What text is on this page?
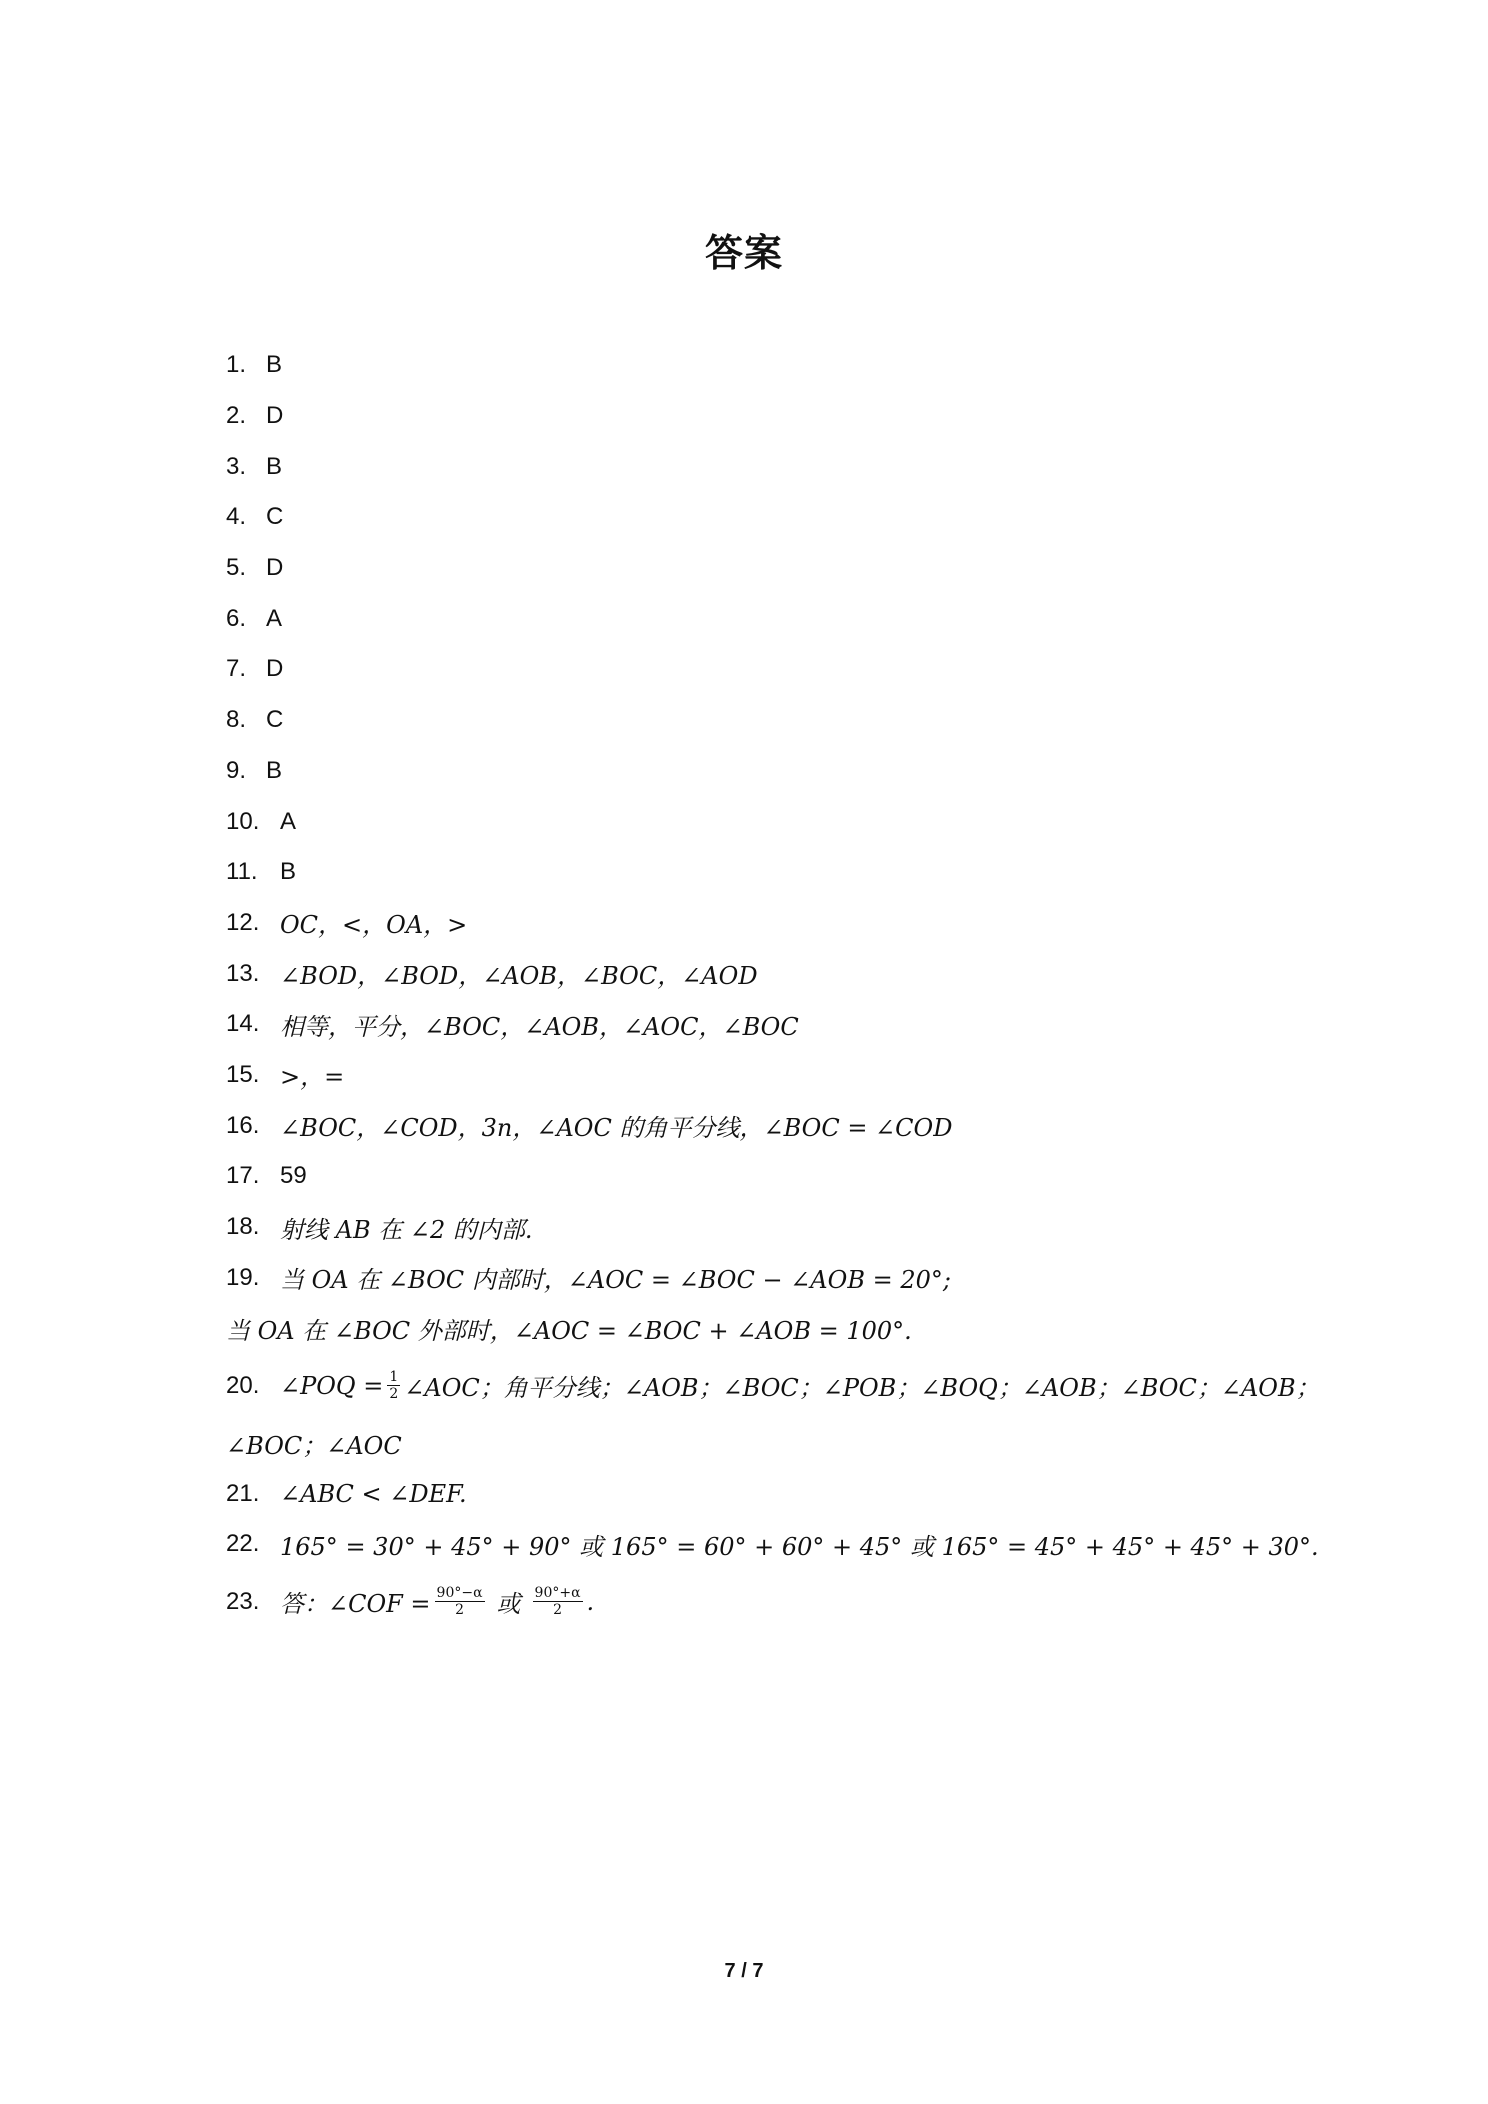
答案
1. B
2. D
3. B
4. C
5. D
6. A
7. D
8. C
9. B
10. A
11. B
12. OC，<，OA，>
13. ∠BOD，∠BOD，∠AOB，∠BOC，∠AOD
14. 相等，平分，∠BOC，∠AOB，∠AOC，∠BOC
15. >，=
16. ∠BOC，∠COD，3n，∠AOC 的角平分线，∠BOC = ∠COD
17. 59
18. 射线 AB 在 ∠2 的内部.
19. 当 OA 在 ∠BOC 内部时，∠AOC = ∠BOC − ∠AOB = 20°;
当 OA 在 ∠BOC 外部时，∠AOC = ∠BOC + ∠AOB = 100°.
20. ∠POQ = $\frac{1}{2}$ ∠AOC；角平分线；∠AOB；∠BOC；∠POB；∠BOQ；∠AOB；∠BOC；∠AOB；
∠BOC；∠AOC
21. ∠ABC < ∠DEF.
22. 165° = 30° + 45° + 90° 或 165° = 60° + 60° + 45° 或 165° = 45° + 45° + 45° + 30°.
23. 答：∠COF = $\frac{90^\circ-\alpha}{2}$ 或 $\frac{90^\circ+\alpha}{2}$ .
7 / 7
